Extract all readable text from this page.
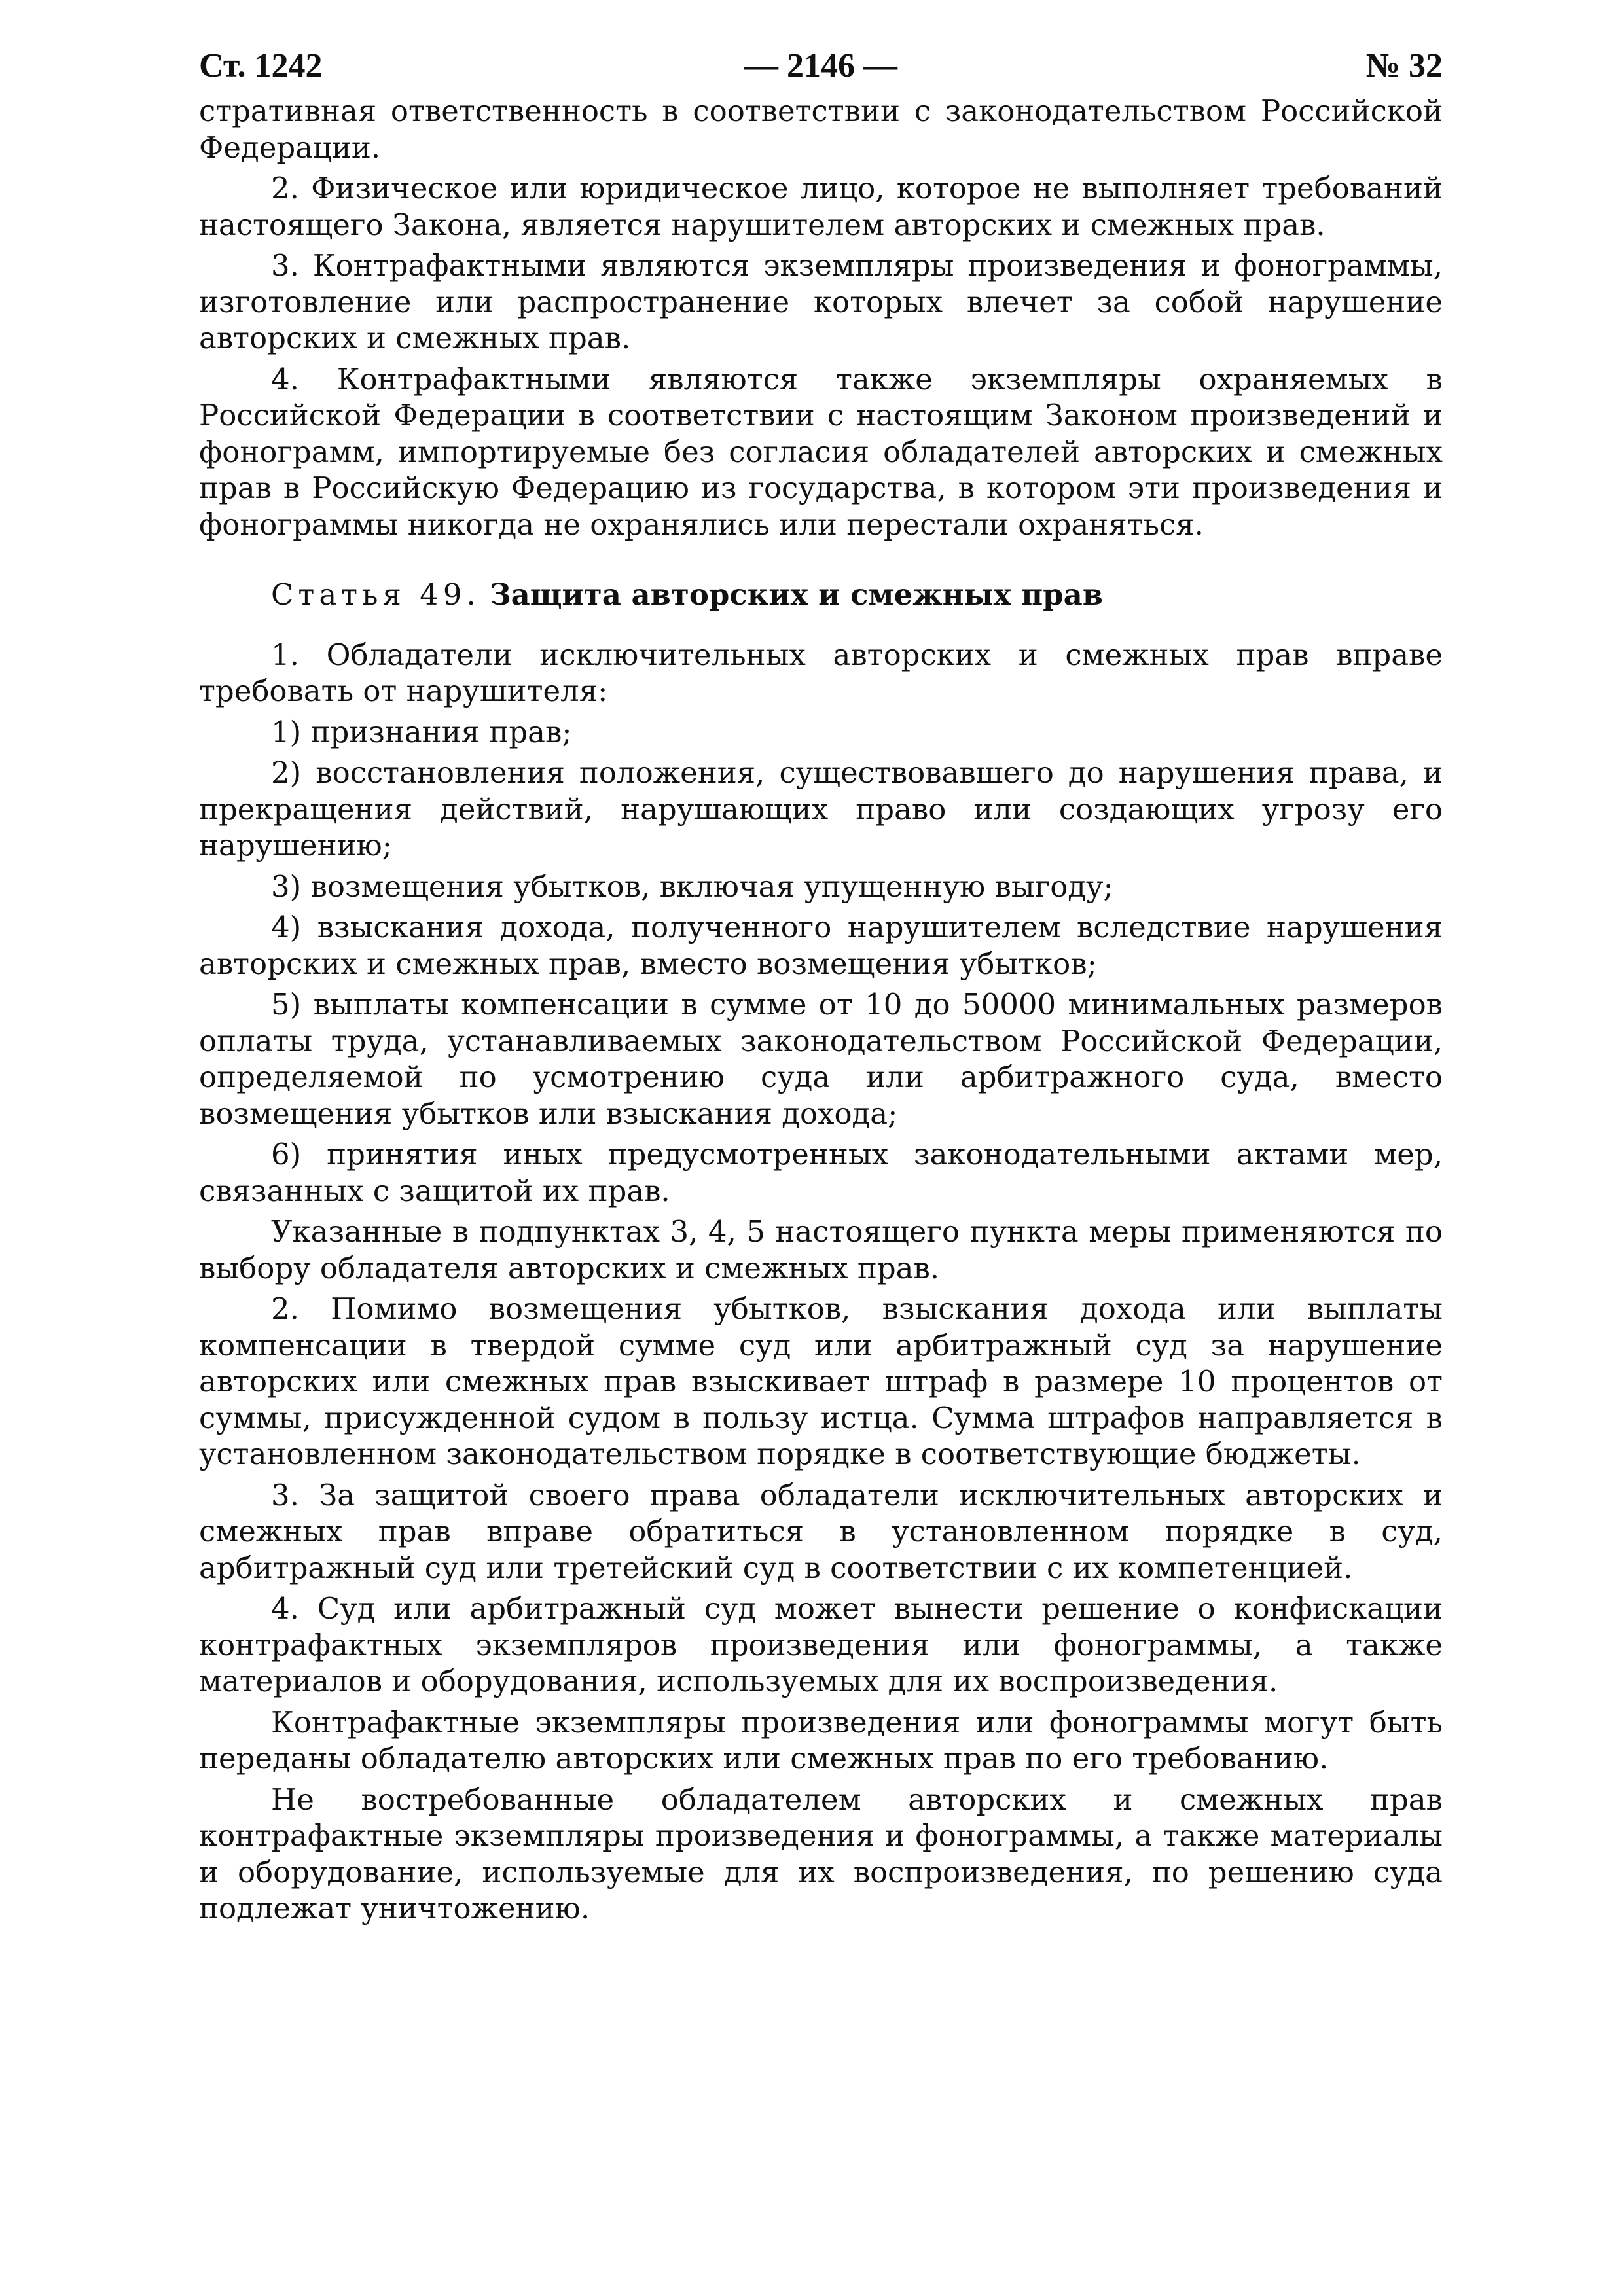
Ст. 1242	— 2146 —	№ 32

стративная ответственность в соответствии с законодательством Российской Федерации.

2. Физическое или юридическое лицо, которое не выполняет требований настоящего Закона, является нарушителем авторских и смежных прав.

3. Контрафактными являются экземпляры произведения и фонограммы, изготовление или распространение которых влечет за собой нарушение авторских и смежных прав.

4. Контрафактными являются также экземпляры охраняемых в Российской Федерации в соответствии с настоящим Законом произведений и фонограмм, импортируемые без согласия обладателей авторских и смежных прав в Российскую Федерацию из государства, в котором эти произведения и фонограммы никогда не охранялись или перестали охраняться.

Статья 49. Защита авторских и смежных прав

1. Обладатели исключительных авторских и смежных прав вправе требовать от нарушителя:

1) признания прав;

2) восстановления положения, существовавшего до нарушения права, и прекращения действий, нарушающих право или создающих угрозу его нарушению;

3) возмещения убытков, включая упущенную выгоду;

4) взыскания дохода, полученного нарушителем вследствие нарушения авторских и смежных прав, вместо возмещения убытков;

5) выплаты компенсации в сумме от 10 до 50000 минимальных размеров оплаты труда, устанавливаемых законодательством Российской Федерации, определяемой по усмотрению суда или арбитражного суда, вместо возмещения убытков или взыскания дохода;

6) принятия иных предусмотренных законодательными актами мер, связанных с защитой их прав.

Указанные в подпунктах 3, 4, 5 настоящего пункта меры применяются по выбору обладателя авторских и смежных прав.

2. Помимо возмещения убытков, взыскания дохода или выплаты компенсации в твердой сумме суд или арбитражный суд за нарушение авторских или смежных прав взыскивает штраф в размере 10 процентов от суммы, присужденной судом в пользу истца. Сумма штрафов направляется в установленном законодательством порядке в соответствующие бюджеты.

3. За защитой своего права обладатели исключительных авторских и смежных прав вправе обратиться в установленном порядке в суд, арбитражный суд или третейский суд в соответствии с их компетенцией.

4. Суд или арбитражный суд может вынести решение о конфискации контрафактных экземпляров произведения или фонограммы, а также материалов и оборудования, используемых для их воспроизведения.

Контрафактные экземпляры произведения или фонограммы могут быть переданы обладателю авторских или смежных прав по его требованию.

Не востребованные обладателем авторских и смежных прав контрафактные экземпляры произведения и фонограммы, а также материалы и оборудование, используемые для их воспроизведения, по решению суда подлежат уничтожению.
